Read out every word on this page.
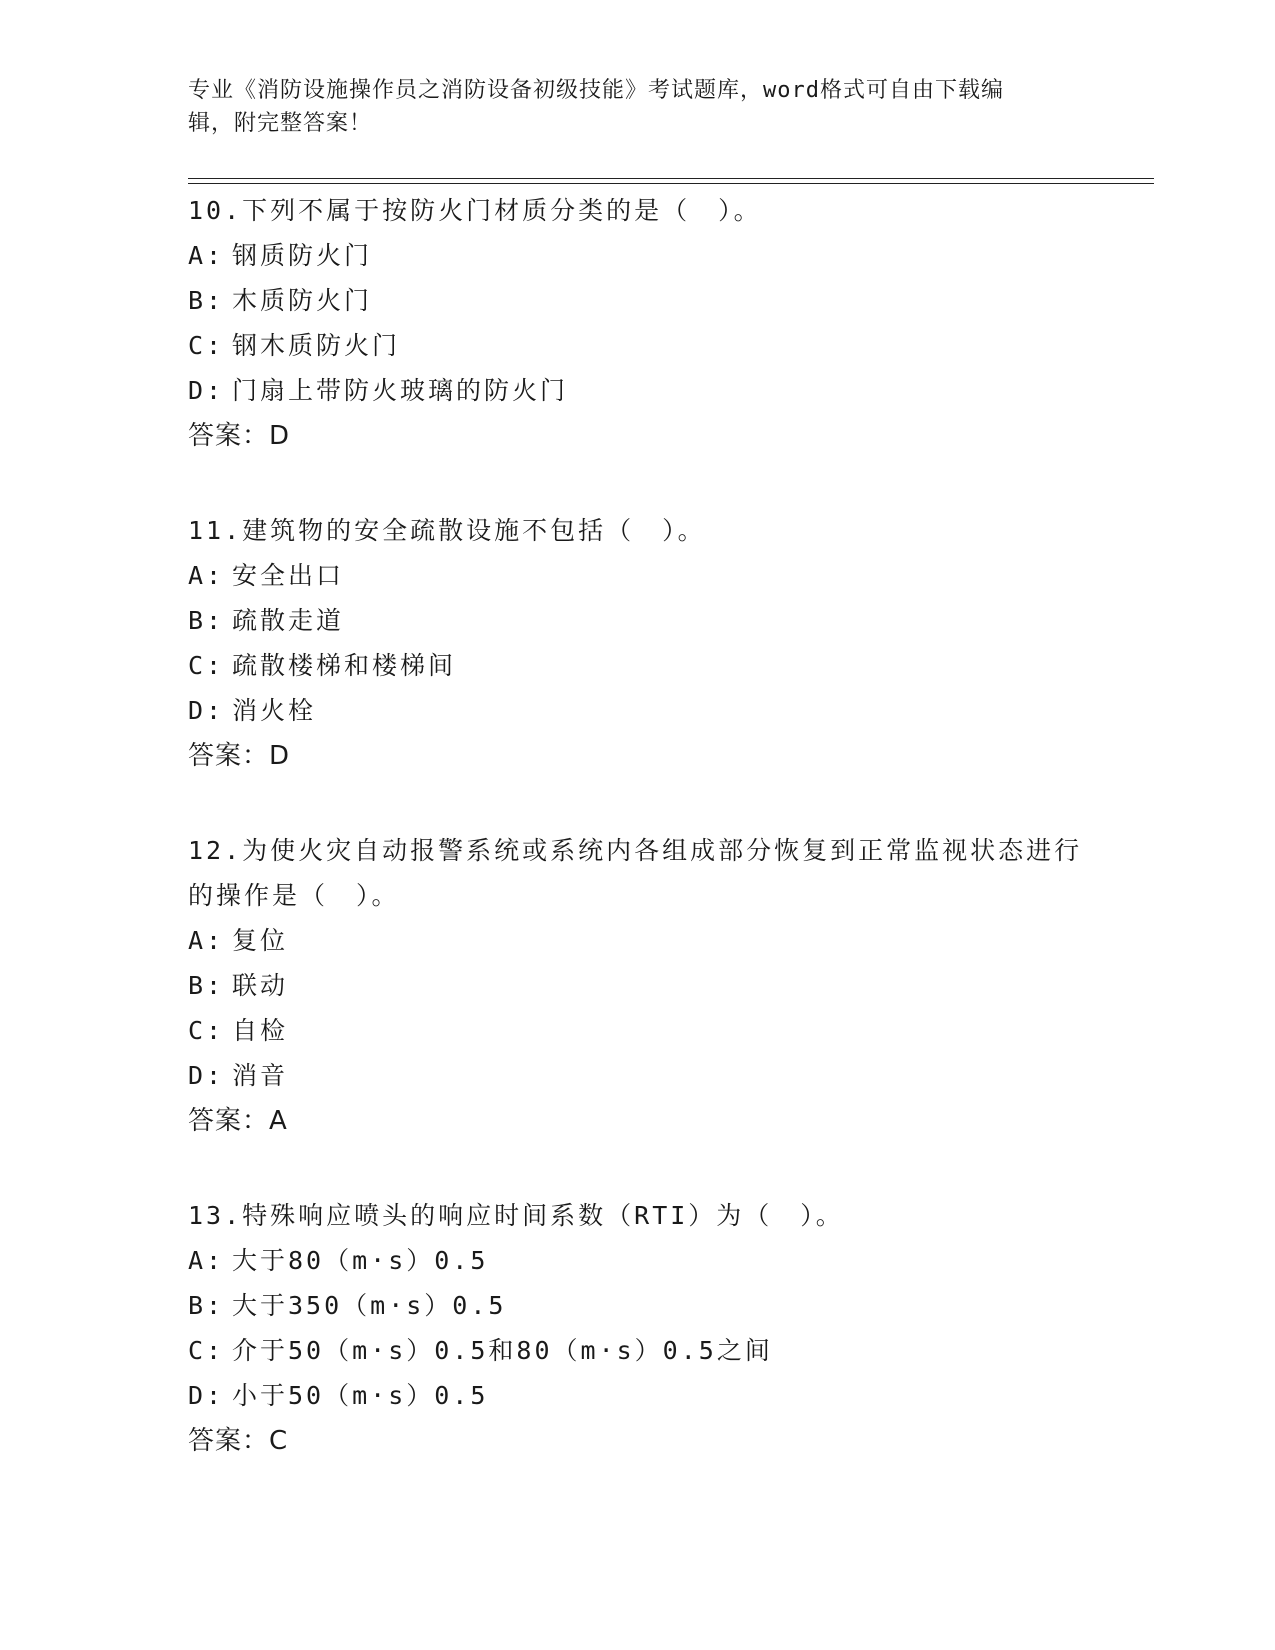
专业《消防设施操作员之消防设备初级技能》考试题库，word格式可自由下载编
辑，附完整答案！
10.下列不属于按防火门材质分类的是（　）。
A: 钢质防火门
B: 木质防火门
C: 钢木质防火门
D: 门扇上带防火玻璃的防火门
答案：D
11.建筑物的安全疏散设施不包括（　）。
A: 安全出口
B: 疏散走道
C: 疏散楼梯和楼梯间
D: 消火栓
答案：D
12.为使火灾自动报警系统或系统内各组成部分恢复到正常监视状态进行的操作是（　）。
A: 复位
B: 联动
C: 自检
D: 消音
答案：A
13.特殊响应喷头的响应时间系数（RTI）为（　）。
A: 大于80（m·s）0.5
B: 大于350（m·s）0.5
C: 介于50（m·s）0.5和80（m·s）0.5之间
D: 小于50（m·s）0.5
答案：C
